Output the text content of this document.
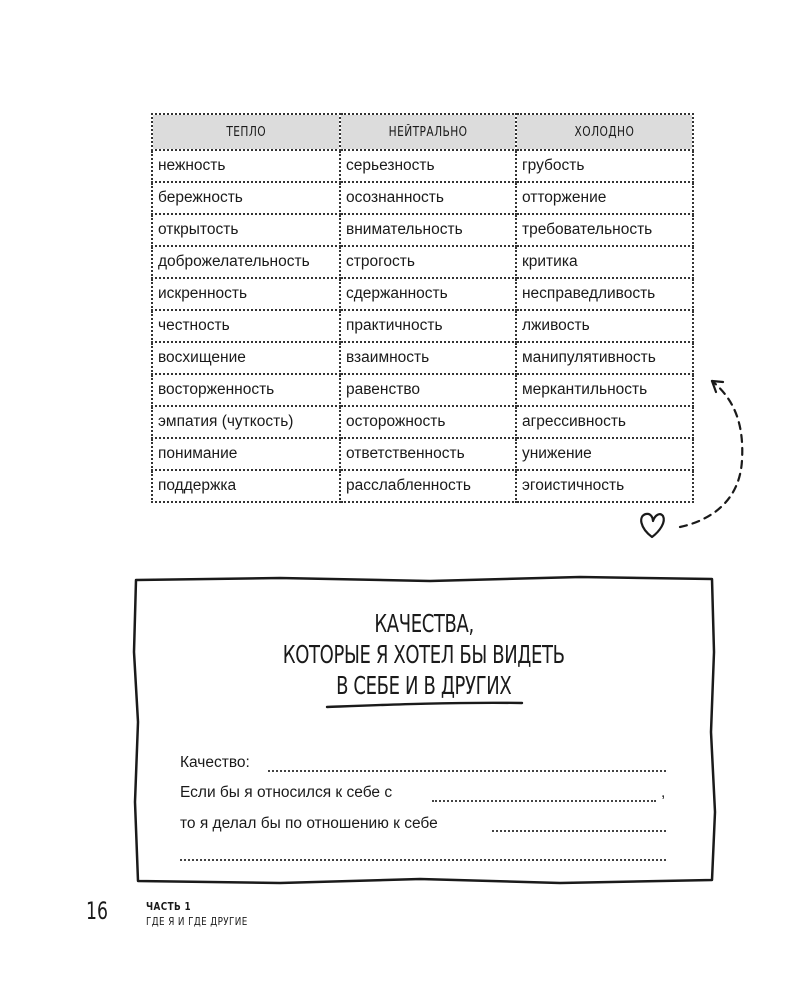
ТЕПЛО	НЕЙТРАЛЬНО	ХОЛОДНО
нежность	серьезность	грубость
бережность	осознанность	отторжение
открытость	внимательность	требовательность
доброжелательность	строгость	критика
искренность	сдержанность	несправедливость
честность	практичность	лживость
восхищение	взаимность	манипулятивность
восторженность	равенство	меркантильность
эмпатия (чуткость)	осторожность	агрессивность
понимание	ответственность	унижение
поддержка	расслабленность	эгоистичность
КАЧЕСТВА,
КОТОРЫЕ Я ХОТЕЛ БЫ ВИДЕТЬ
В СЕБЕ И В ДРУГИХ
Качество:
Если бы я относился к себе с	,
то я делал бы по отношению к себе
16	ЧАСТЬ 1
ГДЕ Я И ГДЕ ДРУГИЕ
